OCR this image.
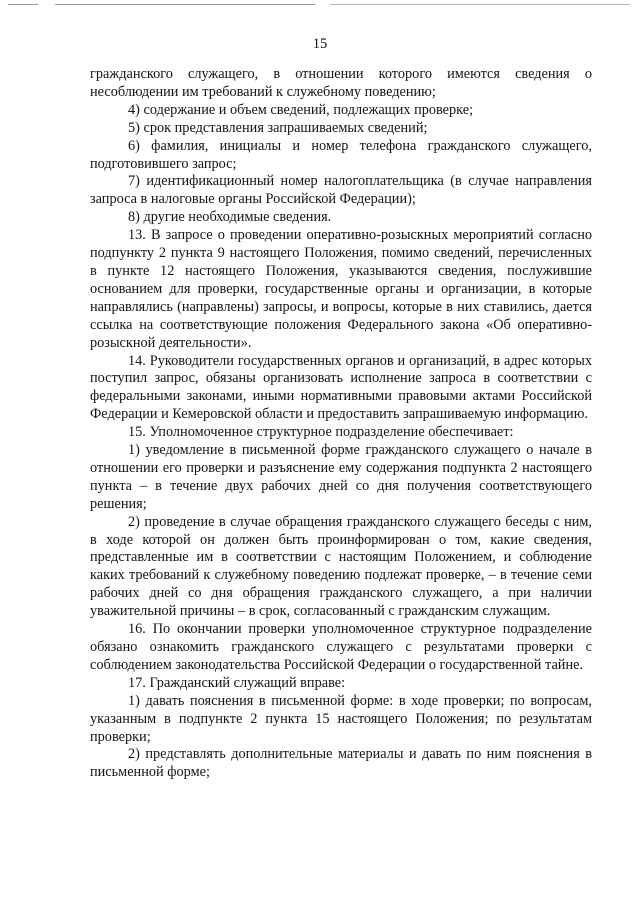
15

гражданского служащего, в отношении которого имеются сведения о несоблюдении им требований к служебному поведению;

4) содержание и объем сведений, подлежащих проверке;

5) срок представления запрашиваемых сведений;

6) фамилия, инициалы и номер телефона гражданского служащего, подготовившего запрос;

7) идентификационный номер налогоплательщика (в случае направления запроса в налоговые органы Российской Федерации);

8) другие необходимые сведения.

13. В запросе о проведении оперативно-розыскных мероприятий согласно подпункту 2 пункта 9 настоящего Положения, помимо сведений, перечисленных в пункте 12 настоящего Положения, указываются сведения, послужившие основанием для проверки, государственные органы и организации, в которые направлялись (направлены) запросы, и вопросы, которые в них ставились, дается ссылка на соответствующие положения Федерального закона «Об оперативно-розыскной деятельности».

14. Руководители государственных органов и организаций, в адрес которых поступил запрос, обязаны организовать исполнение запроса в соответствии с федеральными законами, иными нормативными правовыми актами Российской Федерации и Кемеровской области и предоставить запрашиваемую информацию.

15. Уполномоченное структурное подразделение обеспечивает:

1) уведомление в письменной форме гражданского служащего о начале в отношении его проверки и разъяснение ему содержания подпункта 2 настоящего пункта – в течение двух рабочих дней со дня получения соответствующего решения;

2) проведение в случае обращения гражданского служащего беседы с ним, в ходе которой он должен быть проинформирован о том, какие сведения, представленные им в соответствии с настоящим Положением, и соблюдение каких требований к служебному поведению подлежат проверке, – в течение семи рабочих дней со дня обращения гражданского служащего, а при наличии уважительной причины – в срок, согласованный с гражданским служащим.

16. По окончании проверки уполномоченное структурное подразделение обязано ознакомить гражданского служащего с результатами проверки с соблюдением законодательства Российской Федерации о государственной тайне.

17. Гражданский служащий вправе:

1) давать пояснения в письменной форме: в ходе проверки; по вопросам, указанным в подпункте 2 пункта 15 настоящего Положения; по результатам проверки;

2) представлять дополнительные материалы и давать по ним пояснения в письменной форме;
